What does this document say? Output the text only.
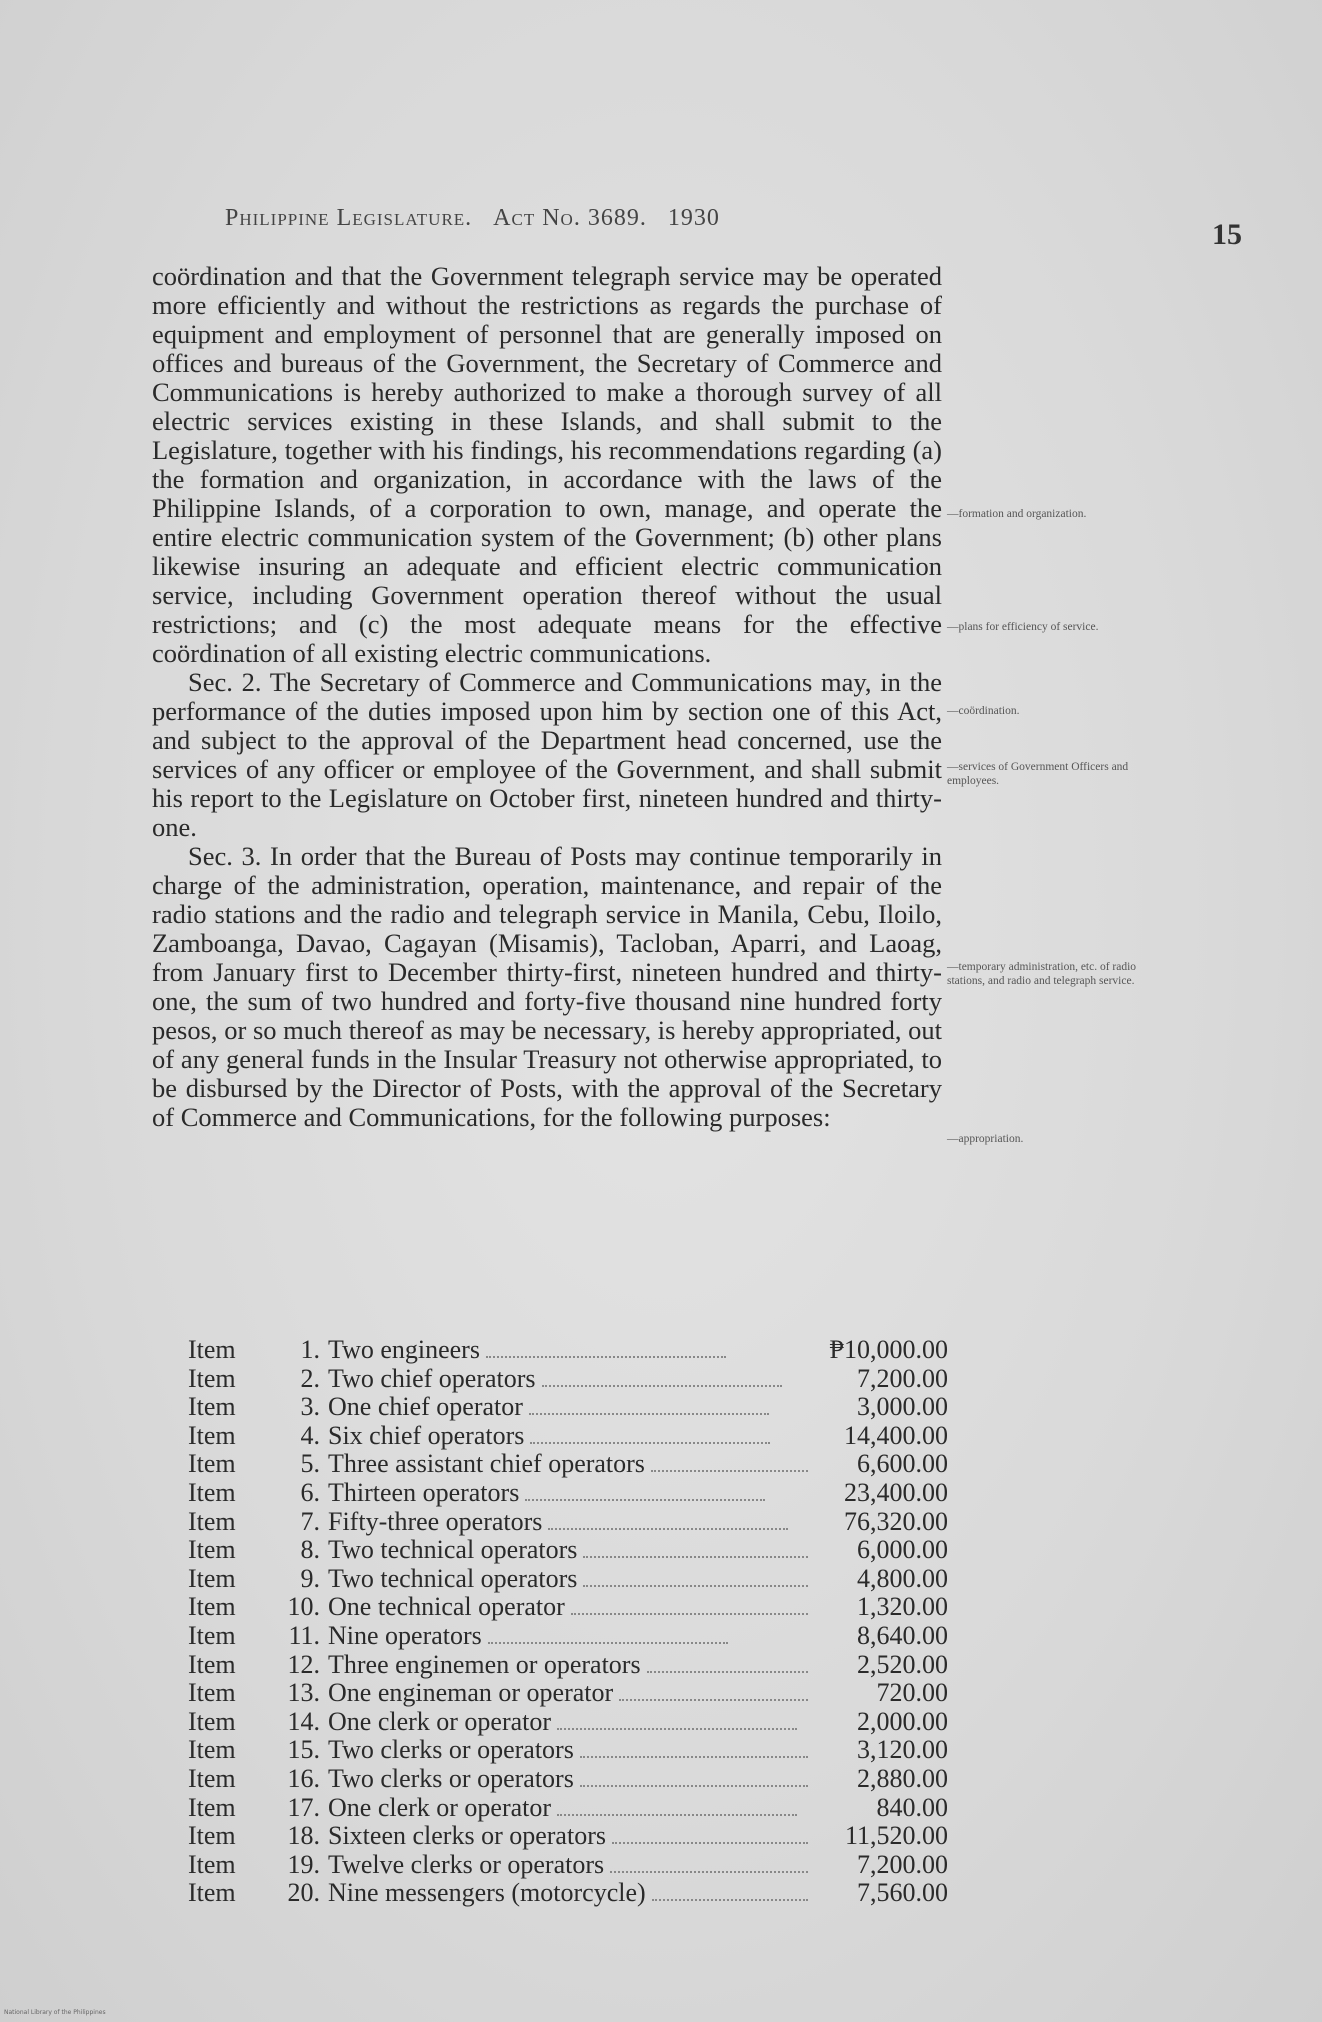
Philippine Legislature. Act No. 3689. 1930	15

coördination and that the Government telegraph service may be operated more efficiently and without the restrictions as regards the purchase of equipment and employment of personnel that are generally imposed on offices and bureaus of the Government, the Secretary of Commerce and Communications is hereby authorized to make a thorough survey of all electric services existing in these Islands, and shall submit to the Legislature, together with his findings, his recommendations regarding (a) the formation and organization, in accordance with the laws of the Philippine Islands, of a corporation to own, manage, and operate the entire electric communication system of the Government; (b) other plans likewise insuring an adequate and efficient electric communication service, including Government operation thereof without the usual restrictions; and (c) the most adequate means for the effective coördination of all existing electric communications.

Sec. 2. The Secretary of Commerce and Communications may, in the performance of the duties imposed upon him by section one of this Act, and subject to the approval of the Department head concerned, use the services of any officer or employee of the Government, and shall submit his report to the Legislature on October first, nineteen hundred and thirty-one.

Sec. 3. In order that the Bureau of Posts may continue temporarily in charge of the administration, operation, maintenance, and repair of the radio stations and the radio and telegraph service in Manila, Cebu, Iloilo, Zamboanga, Davao, Cagayan (Misamis), Tacloban, Aparri, and Laoag, from January first to December thirty-first, nineteen hundred and thirty-one, the sum of two hundred and forty-five thousand nine hundred forty pesos, or so much thereof as may be necessary, is hereby appropriated, out of any general funds in the Insular Treasury not otherwise appropriated, to be disbursed by the Director of Posts, with the approval of the Secretary of Commerce and Communications, for the following purposes:

—formation and organization.
—plans for efficiency of service.
—coördination.
—services of Government Officers and employees.
—temporary administration, etc. of radio stations, and radio and telegraph service.
—appropriation.
Item	1. Two engineers	₱10,000.00
Item	2. Two chief operators	7,200.00
Item	3. One chief operator	3,000.00
Item	4. Six chief operators	14,400.00
Item	5. Three assistant chief operators	6,600.00
Item	6. Thirteen operators	23,400.00
Item	7. Fifty-three operators	76,320.00
Item	8. Two technical operators	6,000.00
Item	9. Two technical operators	4,800.00
Item	10. One technical operator	1,320.00
Item	11. Nine operators	8,640.00
Item	12. Three enginemen or operators	2,520.00
Item	13. One engineman or operator	720.00
Item	14. One clerk or operator	2,000.00
Item	15. Two clerks or operators	3,120.00
Item	16. Two clerks or operators	2,880.00
Item	17. One clerk or operator	840.00
Item	18. Sixteen clerks or operators	11,520.00
Item	19. Twelve clerks or operators	7,200.00
Item	20. Nine messengers (motorcycle)	7,560.00
National Library of the Philippines
